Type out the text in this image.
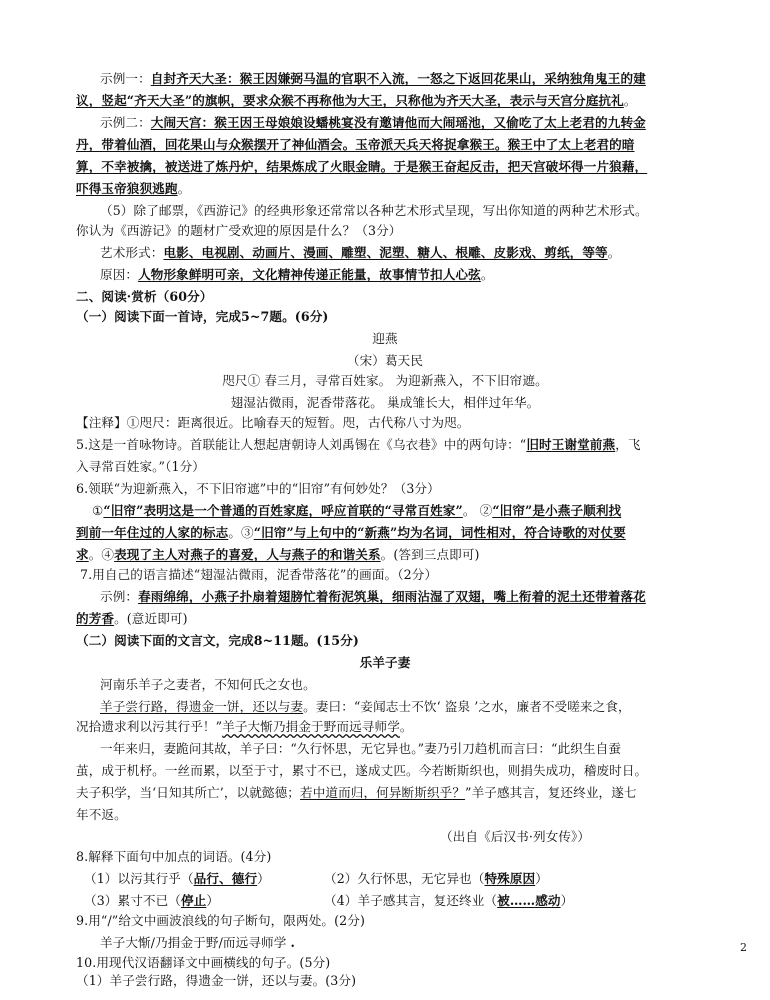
示例一：自封齐天大圣：猴王因嫌弼马温的官职不入流，一怒之下返回花果山，采纳独角鬼王的建
议，竖起“齐天大圣”的旗帜，要求众猴不再称他为大王，只称他为齐天大圣，表示与天宫分庭抗礼。
示例二：大闹天宫：猴王因王母娘娘设蟠桃宴没有邀请他而大闹瑶池，又偷吃了太上老君的九转金
丹，带着仙酒，回花果山与众猴摆开了神仙酒会。玉帝派天兵天将捉拿猴王。猴王中了太上老君的暗
算，不幸被擒，被送进了炼丹炉，结果炼成了火眼金睛。于是猴王奋起反击，把天宫破坏得一片狼藉，
吓得玉帝狼狈逃跑。
（5）除了邮票，《西游记》的经典形象还常常以各种艺术形式呈现，写出你知道的两种艺术形式。
你认为《西游记》的题材广受欢迎的原因是什么？（3分）
艺术形式：电影、电视剧、动画片、漫画、雕塑、泥塑、糖人、根雕、皮影戏、剪纸，等等。
原因：人物形象鲜明可亲，文化精神传递正能量，故事情节扣人心弦。
二、阅读·赏析（60分）
（一）阅读下面一首诗，完成5~7题。(6分)
迎燕
（宋）葛天民
咫尺① 春三月，寻常百姓家。 为迎新燕入，不下旧帘遮。
翅湿沾微雨，泥香带落花。 巢成雏长大，相伴过年华。
【注释】①咫尺：距离很近。比喻春天的短暂。咫，古代称八寸为咫。
5.这是一首咏物诗。首联能让人想起唐朝诗人刘禹锡在《乌衣巷》中的两句诗：“旧时王谢堂前燕，飞
入寻常百姓家。”（1分）
6.领联“为迎新燕入，不下旧帘遮”中的“旧帘”有何妙处？（3分）
①“旧帘”表明这是一个普通的百姓家庭，呼应首联的“寻常百姓家”。 ②“旧帘”是小燕子顺利找
到前一年住过的人家的标志。③“旧帘”与上句中的“新燕”均为名词，词性相对，符合诗歌的对仗要
求。④表现了主人对燕子的喜爱，人与燕子的和谐关系。(答到三点即可)
7.用自己的语言描述“翅湿沾微雨，泥香带落花”的画面。（2分）
示例：春雨绵绵，小燕子扑扇着翅膀忙着衔泥筑巢，细雨沾湿了双翅，嘴上衔着的泥土还带着落花
的芳香。(意近即可)
（二）阅读下面的文言文，完成8~11题。(15分)
乐羊子妻
河南乐羊子之妻者，不知何氏之女也。
羊子尝行路，得遗金一饼，还以与妻。妻曰：“妾闻志士不饮‘ 盗泉 ’之水，廉者不受嗟来之食，
况拾遗求利以污其行乎！”羊子大惭乃捐金于野而远寻师学。
一年来归，妻跪问其故，羊子曰：“久行怀思，无它异也。”妻乃引刀趋机而言曰：“此织生自蚕
茧，成于机杼。一丝而累，以至于寸，累寸不已，遂成丈匹。今若断斯织也，则捐失成功，稽废时日。
夫子积学，当‘日知其所亡’，以就懿德；若中道而归，何异断斯织乎？”羊子感其言，复还终业，遂七
年不返。
（出自《后汉书·列女传》）
8.解释下面句中加点的词语。(4分)
（1）以污其行乎（品行、德行）	（2）久行怀思，无它异也（特殊原因）
（3）累寸不已（停止）	（4）羊子感其言，复还终业（被……感动）
9.用“/”给文中画波浪线的句子断句，限两处。(2分)
羊子大惭/乃捐金于野/而远寻师学 .
10.用现代汉语翻译文中画横线的句子。(5分)
（1）羊子尝行路，得遗金一饼，还以与妻。(3分)
2
